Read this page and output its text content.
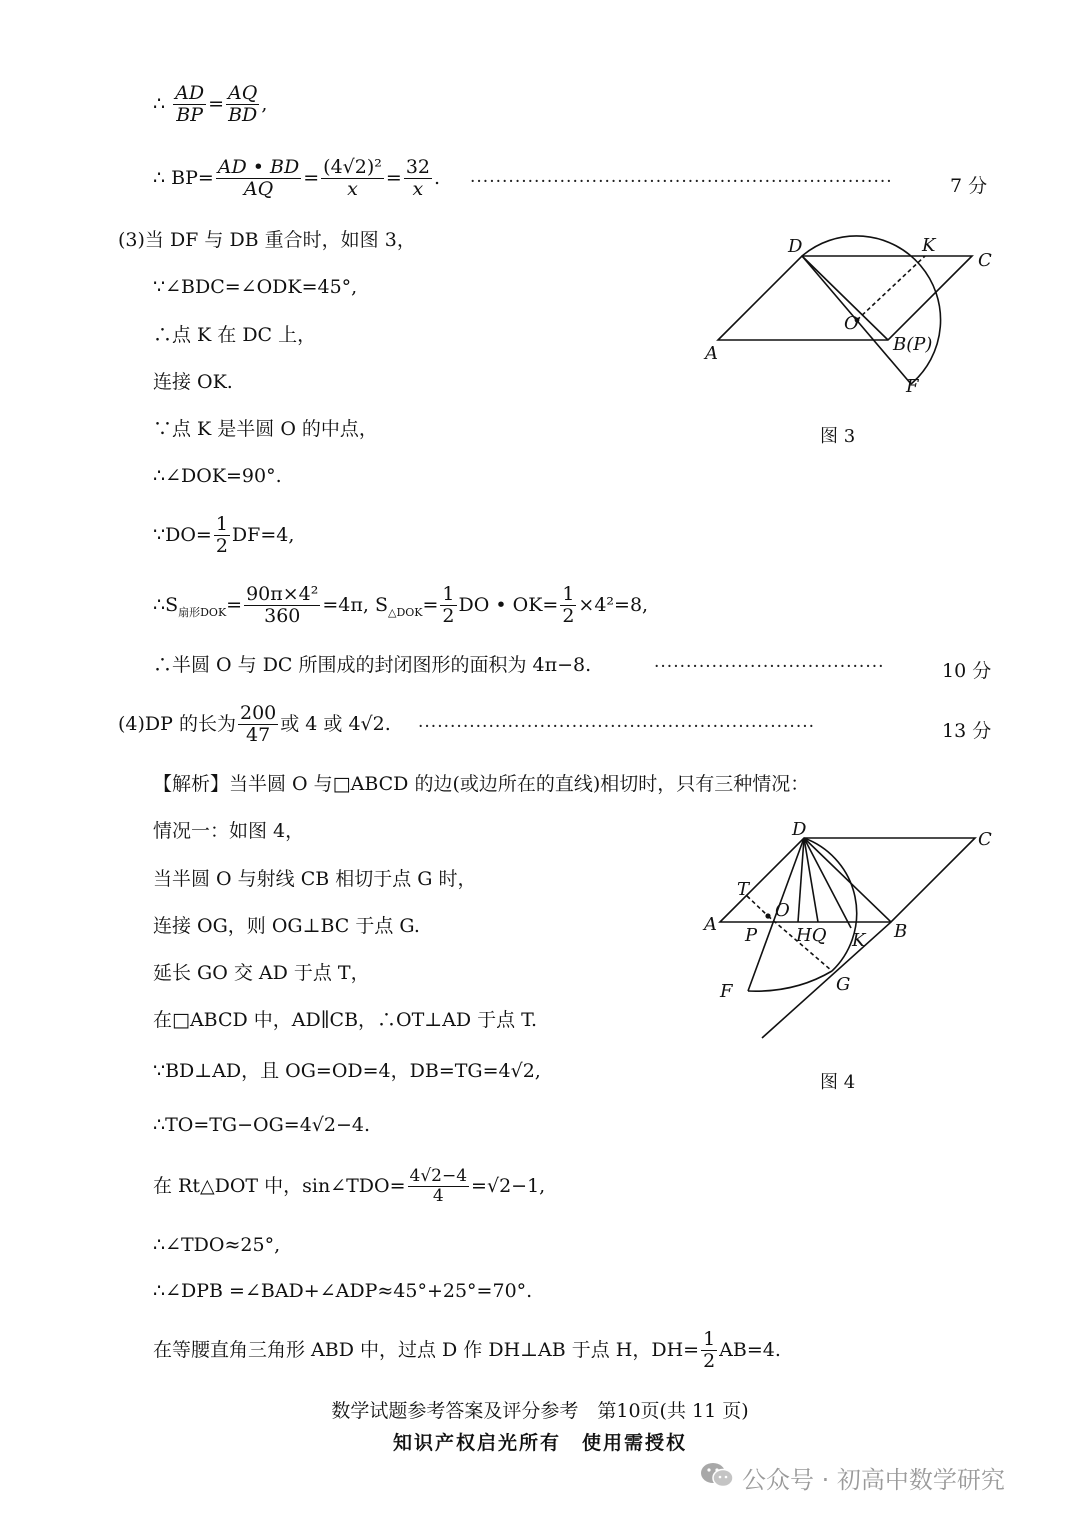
∴ $\frac{AD}{BP} = \frac{AQ}{BD}$ ,
∴ $BP= \frac{AD • BD}{AQ} = \frac{\text{(4√2)²}}{x} = \frac{32}{x}$ . ··································································	7 分
(3)当 DF 与 DB 重合时，如图 3，
∵∠BDC=∠ODK=45°,
∴点 K 在 DC 上，
连接 OK.
∵点 K 是半圆 O 的中点，
∴∠DOK=90°.
∵DO= $\frac{1}{2} DF=4$,
$\therefore S_{扇形DOK}= \frac{\text{90π×4²}}{360} =4\pi$, $S_{\triangle DOK}= \frac{1}{2}$ DO • $OK= \frac{1}{2} \times 4^2=8$,
∴半圆 O 与 DC 所围成的封闭图形的面积为 4π−8.	····································	10 分
(4)DP 的长为 $\frac{200}{47}$ 或 4 或 4√2. ······························································	13 分
【解析】当半圆 O 与□ABCD 的边(或边所在的直线)相切时，只有三种情况：
情况一：如图 4，
当半圆 O 与射线 CB 相切于点 G 时，
连接 OG，则 OG⊥BC 于点 G.
延长 GO 交 AD 于点 T，
在□ABCD 中，AD∥CB，∴OT⊥AD 于点 T.
∵BD⊥AD，且 OG=OD=4，DB=TG=4√2,
∴TO=TG−OG=4√2−4.
在 Rt△DOT 中，sin∠TDO= $\frac{4√2-4}{4} =√2-1$,
∴∠TDO≈25°,
∴∠DPB =∠BAD+∠ADP≈45°+25°=70°.
在等腰直角三角形 ABD 中，过点 D 作 DH⊥AB 于点 H，$DH= \frac{1}{2} AB=4$.
D	K
C
O
A	B(P)
F
图 3
D	C
T
O
A
P HQ K B
F	G
图 4
数学试题参考答案及评分参考　第10页(共 11 页)
知识产权启光所有　使用需授权
公众号 · 初高中数学研究
